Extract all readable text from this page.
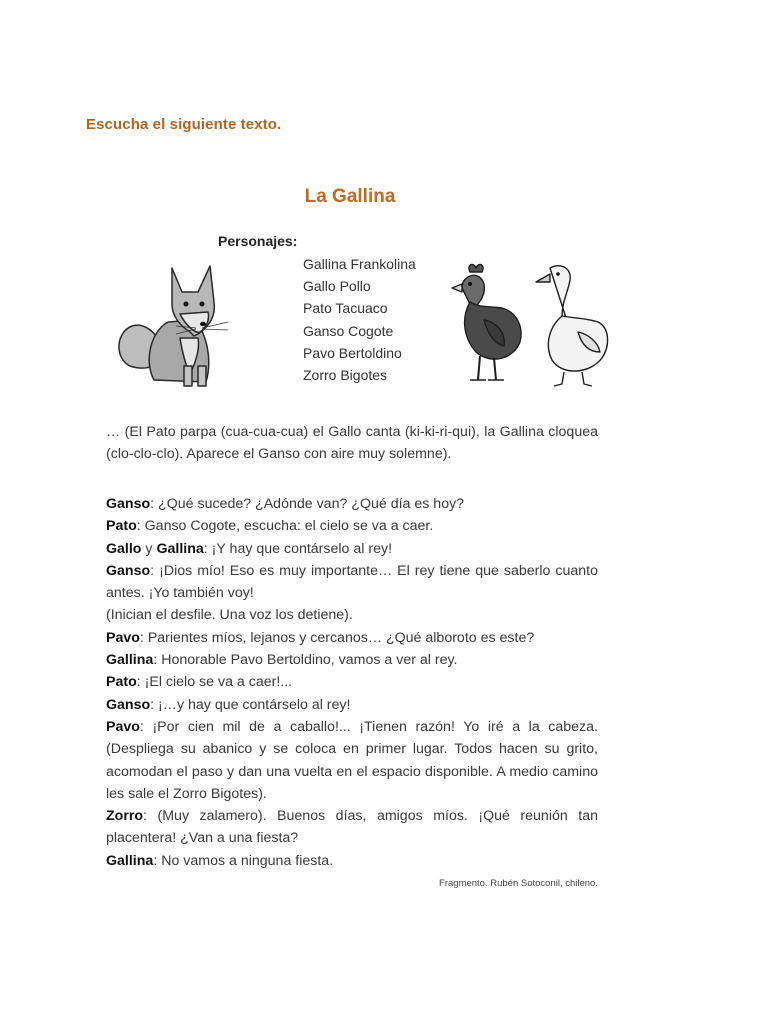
Escucha el siguiente texto.
La Gallina
Personajes:
Gallina Frankolina
Gallo Pollo
Pato Tacuaco
Ganso Cogote
Pavo Bertoldino
Zorro Bigotes
… (El Pato parpa (cua-cua-cua) el Gallo canta (ki-ki-ri-qui), la Gallina cloquea (clo-clo-clo). Aparece el Ganso con aire muy solemne).
Ganso: ¿Qué sucede? ¿Adónde van? ¿Qué día es hoy?
Pato: Ganso Cogote, escucha: el cielo se va a caer.
Gallo y Gallina: ¡Y hay que contárselo al rey!
Ganso: ¡Dios mío! Eso es muy importante… El rey tiene que saberlo cuanto antes. ¡Yo también voy!
(Inician el desfile. Una voz los detiene).
Pavo: Parientes míos, lejanos y cercanos… ¿Qué alboroto es este?
Gallina: Honorable Pavo Bertoldino, vamos a ver al rey.
Pato: ¡El cielo se va a caer!...
Ganso: ¡…y hay que contárselo al rey!
Pavo: ¡Por cien mil de a caballo!... ¡Tienen razón! Yo iré a la cabeza. (Despliega su abanico y se coloca en primer lugar. Todos hacen su grito, acomodan el paso y dan una vuelta en el espacio disponible. A medio camino les sale el Zorro Bigotes).
Zorro: (Muy zalamero). Buenos días, amigos míos. ¡Qué reunión tan placentera! ¿Van a una fiesta?
Gallina: No vamos a ninguna fiesta.
Fragmento. Rubén Sotoconil, chileno.
